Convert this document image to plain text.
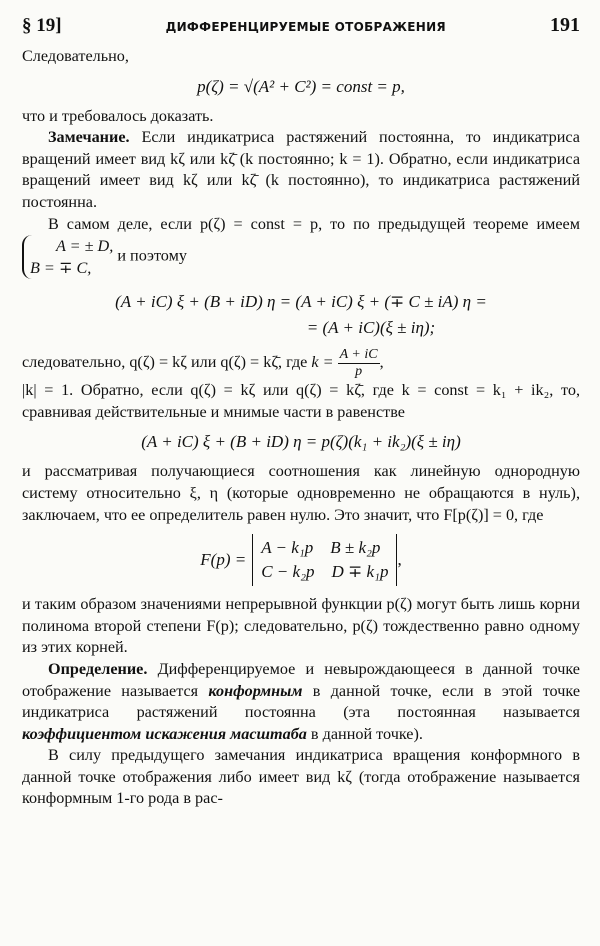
§ 19]	ДИФФЕРЕНЦИРУЕМЫЕ ОТОБРАЖЕНИЯ	191

Следовательно,

p(ζ) = √(A² + C²) = const = p,

что и требовалось доказать.

Замечание. Если индикатриса растяжений постоянна, то индикатриса вращений имеет вид kζ или kζ̄ (k постоянно; k = 1). Обратно, если индикатриса вращений имеет вид kζ или kζ̄ (k постоянно), то индикатриса растяжений постоянна.

В самом деле, если p(ζ) = const = p, то по предыдущей теореме имеем A = ± D,
B = ∓ C, и поэтому

(A + iC) ξ + (B + iD) η = (A + iC) ξ + (∓ C ± iA) η =
= (A + iC)(ξ ± iη);

следовательно, q(ζ) = kζ или q(ζ) = kζ̄, где $k = \frac{A + iC}{p}$ ,

|k| = 1. Обратно, если q(ζ) = kζ или q(ζ) = kζ̄, где k = const = k₁ + ik₂, то, сравнивая действительные и мнимые части в равенстве

(A + iC) ξ + (B + iD) η = p(ζ)(k₁ + ik₂)(ξ ± iη)

и рассматривая получающиеся соотношения как линейную однородную систему относительно ξ, η (которые одновременно не обращаются в нуль), заключаем, что ее определитель равен нулю. Это значит, что F[p(ζ)] = 0, где

F(p) =
A − k₁p    B ± k₂p
C − k₂p    D ∓ k₁p
,

и таким образом значениями непрерывной функции p(ζ) могут быть лишь корни полинома второй степени F(p); следовательно, p(ζ) тождественно равно одному из этих корней.

Определение. Дифференцируемое и невырождающееся в данной точке отображение называется конформным в данной точке, если в этой точке индикатриса растяжений постоянна (эта постоянная называется коэффициентом искажения масштаба в данной точке).

В силу предыдущего замечания индикатриса вращения конформного в данной точке отображения либо имеет вид kζ (тогда отображение называется конформным 1-го рода в рас-
